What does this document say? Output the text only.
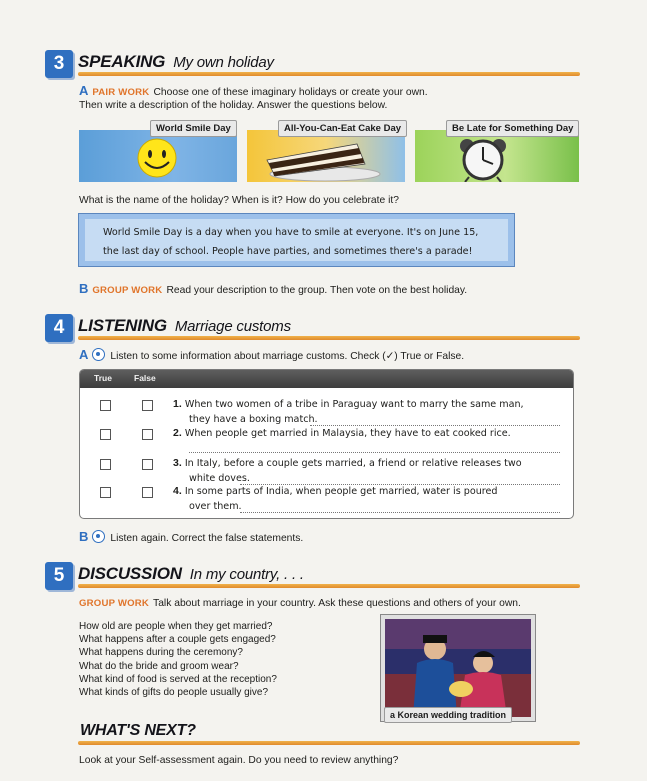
3 SPEAKING My own holiday
A PAIR WORK Choose one of these imaginary holidays or create your own.
Then write a description of the holiday. Answer the questions below.
World Smile Day	All-You-Can-Eat Cake Day	Be Late for Something Day
What is the name of the holiday? When is it? How do you celebrate it?
World Smile Day is a day when you have to smile at everyone. It's on June 15,
the last day of school. People have parties, and sometimes there's a parade!
B GROUP WORK Read your description to the group. Then vote on the best holiday.
4 LISTENING Marriage customs
A Listen to some information about marriage customs. Check (✓) True or False.
True	False
1. When two women of a tribe in Paraguay want to marry the same man,
they have a boxing match.
2. When people get married in Malaysia, they have to eat cooked rice.
3. In Italy, before a couple gets married, a friend or relative releases two
white doves.
4. In some parts of India, when people get married, water is poured
over them.
B Listen again. Correct the false statements.
5 DISCUSSION In my country, . . .
GROUP WORK Talk about marriage in your country. Ask these questions and others of your own.
How old are people when they get married?
What happens after a couple gets engaged?
What happens during the ceremony?
What do the bride and groom wear?
What kind of food is served at the reception?
What kinds of gifts do people usually give?
a Korean wedding tradition
WHAT'S NEXT?
Look at your Self-assessment again. Do you need to review anything?
